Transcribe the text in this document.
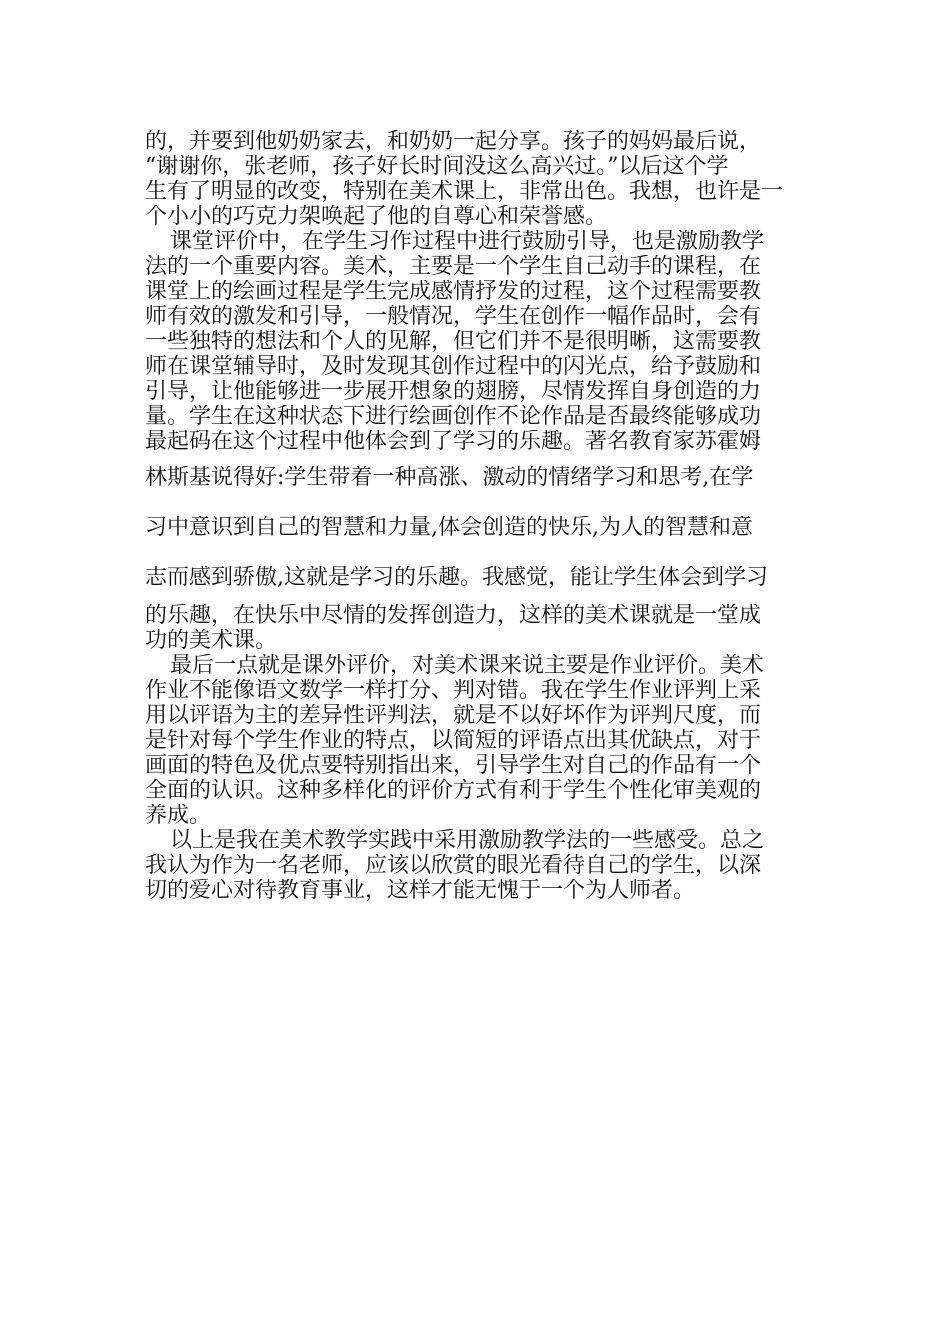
的，并要到他奶奶家去，和奶奶一起分享。孩子的妈妈最后说，
“谢谢你，张老师，孩子好长时间没这么高兴过。”以后这个学
生有了明显的改变，特别在美术课上，非常出色。我想，也许是一
个小小的巧克力架唤起了他的自尊心和荣誉感。
课堂评价中，在学生习作过程中进行鼓励引导，也是激励教学
法的一个重要内容。美术，主要是一个学生自己动手的课程，在
课堂上的绘画过程是学生完成感情抒发的过程，这个过程需要教
师有效的激发和引导，一般情况，学生在创作一幅作品时，会有
一些独特的想法和个人的见解，但它们并不是很明晰，这需要教
师在课堂辅导时，及时发现其创作过程中的闪光点，给予鼓励和
引导，让他能够进一步展开想象的翅膀，尽情发挥自身创造的力
量。学生在这种状态下进行绘画创作不论作品是否最终能够成功
最起码在这个过程中他体会到了学习的乐趣。著名教育家苏霍姆
林斯基说得好:学生带着一种高涨、激动的情绪学习和思考,在学
习中意识到自己的智慧和力量,体会创造的快乐,为人的智慧和意
志而感到骄傲,这就是学习的乐趣。我感觉，能让学生体会到学习
的乐趣，在快乐中尽情的发挥创造力，这样的美术课就是一堂成
功的美术课。
最后一点就是课外评价，对美术课来说主要是作业评价。美术
作业不能像语文数学一样打分、判对错。我在学生作业评判上采
用以评语为主的差异性评判法，就是不以好坏作为评判尺度，而
是针对每个学生作业的特点，以简短的评语点出其优缺点，对于
画面的特色及优点要特别指出来，引导学生对自己的作品有一个
全面的认识。这种多样化的评价方式有利于学生个性化审美观的
养成。
以上是我在美术教学实践中采用激励教学法的一些感受。总之
我认为作为一名老师，应该以欣赏的眼光看待自己的学生，以深
切的爱心对待教育事业，这样才能无愧于一个为人师者。
